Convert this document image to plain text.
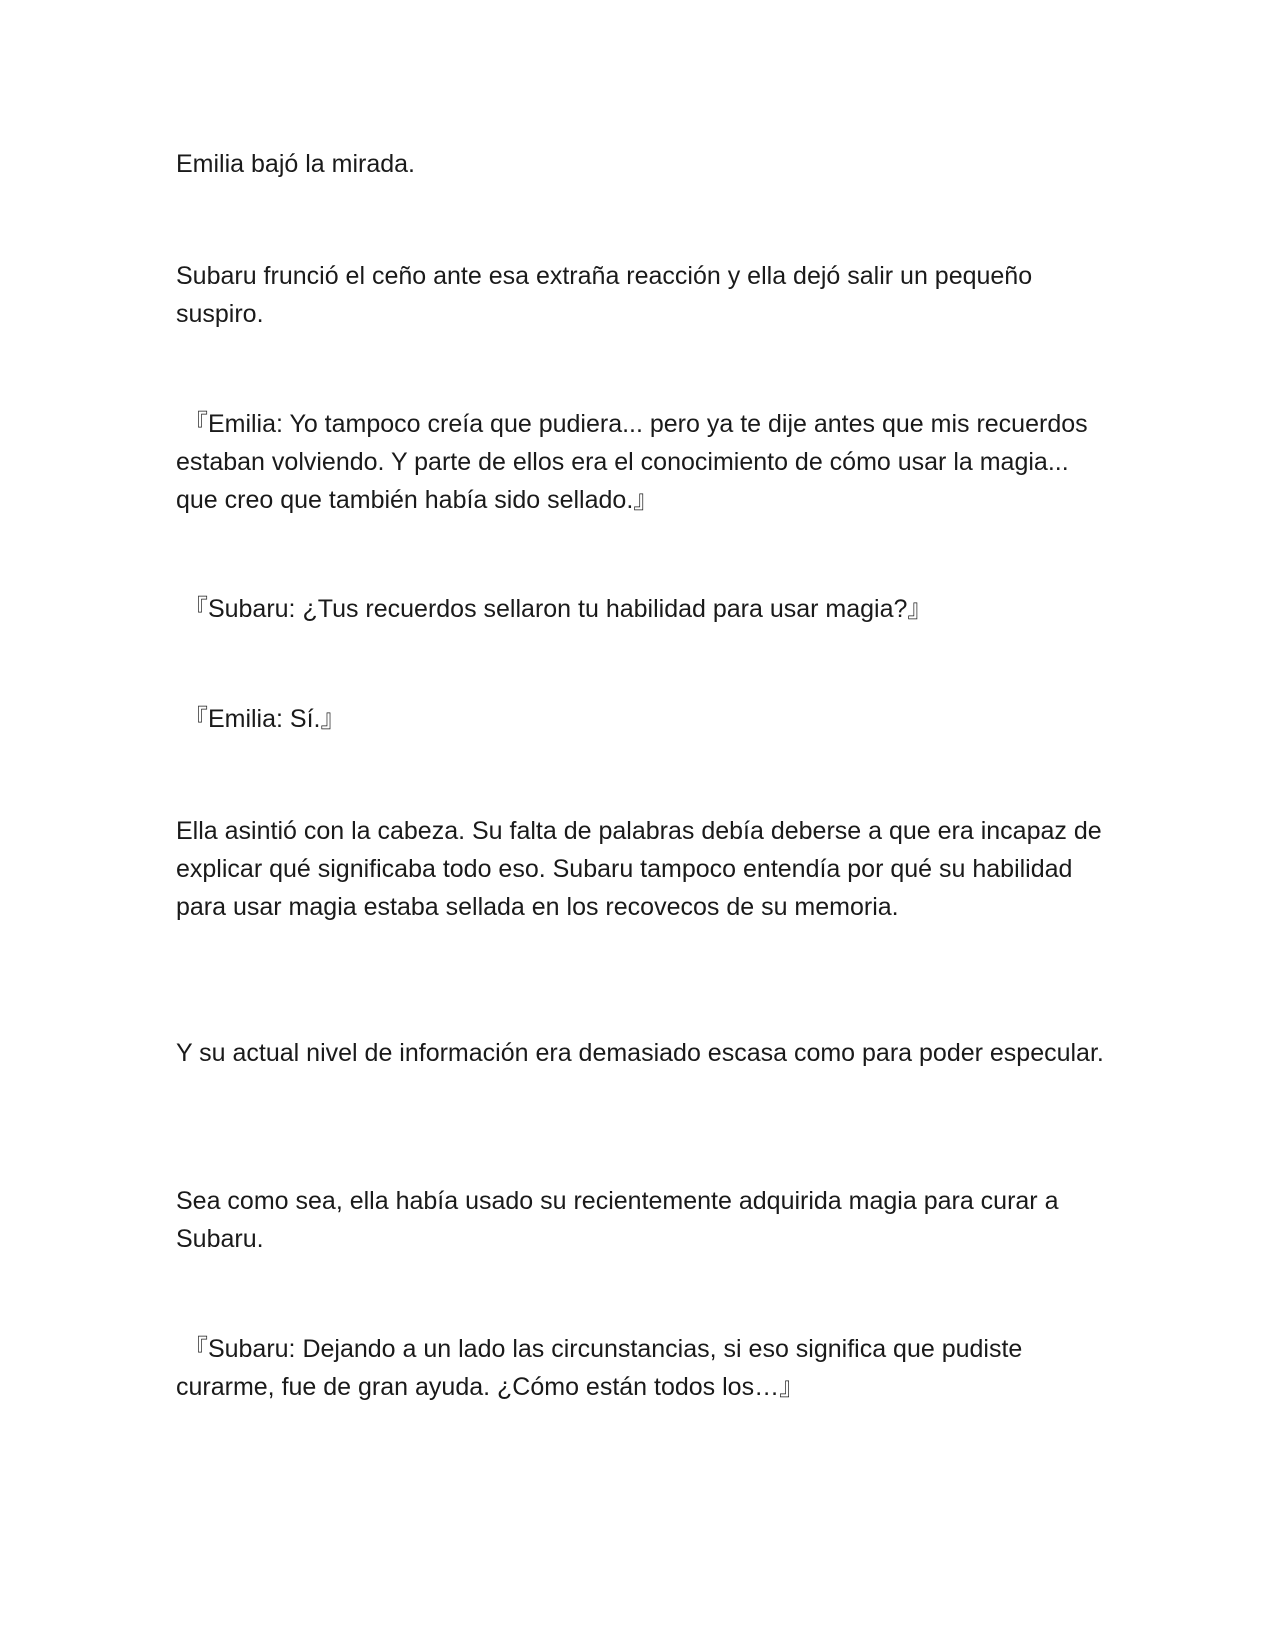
Emilia bajó la mirada.

Subaru frunció el ceño ante esa extraña reacción y ella dejó salir un pequeño suspiro.

『Emilia: Yo tampoco creía que pudiera... pero ya te dije antes que mis recuerdos estaban volviendo. Y parte de ellos era el conocimiento de cómo usar la magia... que creo que también había sido sellado.』

『Subaru: ¿Tus recuerdos sellaron tu habilidad para usar magia?』

『Emilia: Sí.』

Ella asintió con la cabeza. Su falta de palabras debía deberse a que era incapaz de explicar qué significaba todo eso. Subaru tampoco entendía por qué su habilidad para usar magia estaba sellada en los recovecos de su memoria.

Y su actual nivel de información era demasiado escasa como para poder especular.

Sea como sea, ella había usado su recientemente adquirida magia para curar a Subaru.

『Subaru: Dejando a un lado las circunstancias, si eso significa que pudiste curarme, fue de gran ayuda. ¿Cómo están todos los…』
